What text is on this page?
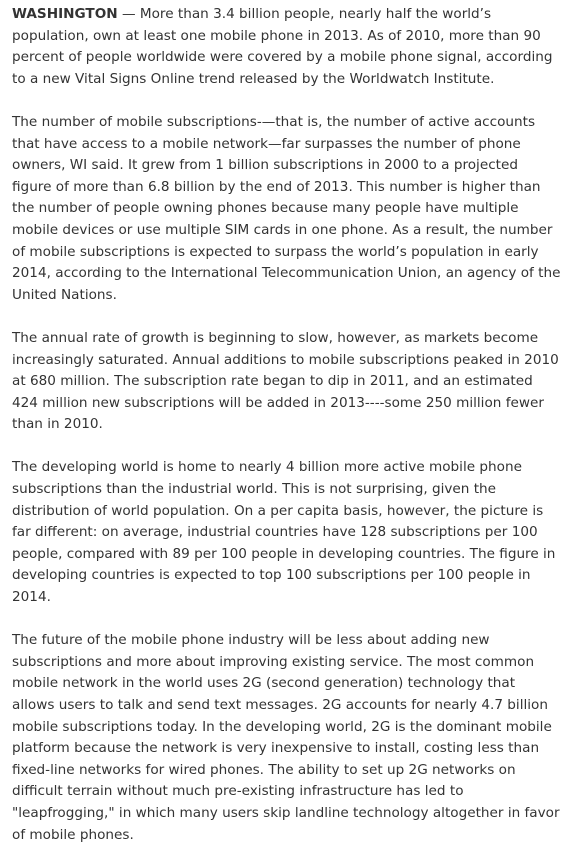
WASHINGTON — More than 3.4 billion people, nearly half the world’s population, own at least one mobile phone in 2013. As of 2010, more than 90 percent of people worldwide were covered by a mobile phone signal, according to a new Vital Signs Online trend released by the Worldwatch Institute.

The number of mobile subscriptions-—that is, the number of active accounts that have access to a mobile network—far surpasses the number of phone owners, WI said. It grew from 1 billion subscriptions in 2000 to a projected figure of more than 6.8 billion by the end of 2013. This number is higher than the number of people owning phones because many people have multiple mobile devices or use multiple SIM cards in one phone. As a result, the number of mobile subscriptions is expected to surpass the world’s population in early 2014, according to the International Telecommunication Union, an agency of the United Nations.

The annual rate of growth is beginning to slow, however, as markets become increasingly saturated. Annual additions to mobile subscriptions peaked in 2010 at 680 million. The subscription rate began to dip in 2011, and an estimated 424 million new subscriptions will be added in 2013----some 250 million fewer than in 2010.

The developing world is home to nearly 4 billion more active mobile phone subscriptions than the industrial world. This is not surprising, given the distribution of world population. On a per capita basis, however, the picture is far different: on average, industrial countries have 128 subscriptions per 100 people, compared with 89 per 100 people in developing countries. The figure in developing countries is expected to top 100 subscriptions per 100 people in 2014.

The future of the mobile phone industry will be less about adding new subscriptions and more about improving existing service. The most common mobile network in the world uses 2G (second generation) technology that allows users to talk and send text messages. 2G accounts for nearly 4.7 billion mobile subscriptions today. In the developing world, 2G is the dominant mobile platform because the network is very inexpensive to install, costing less than fixed-line networks for wired phones. The ability to set up 2G networks on difficult terrain without much pre-existing infrastructure has led to "leapfrogging," in which many users skip landline technology altogether in favor of mobile phones.
